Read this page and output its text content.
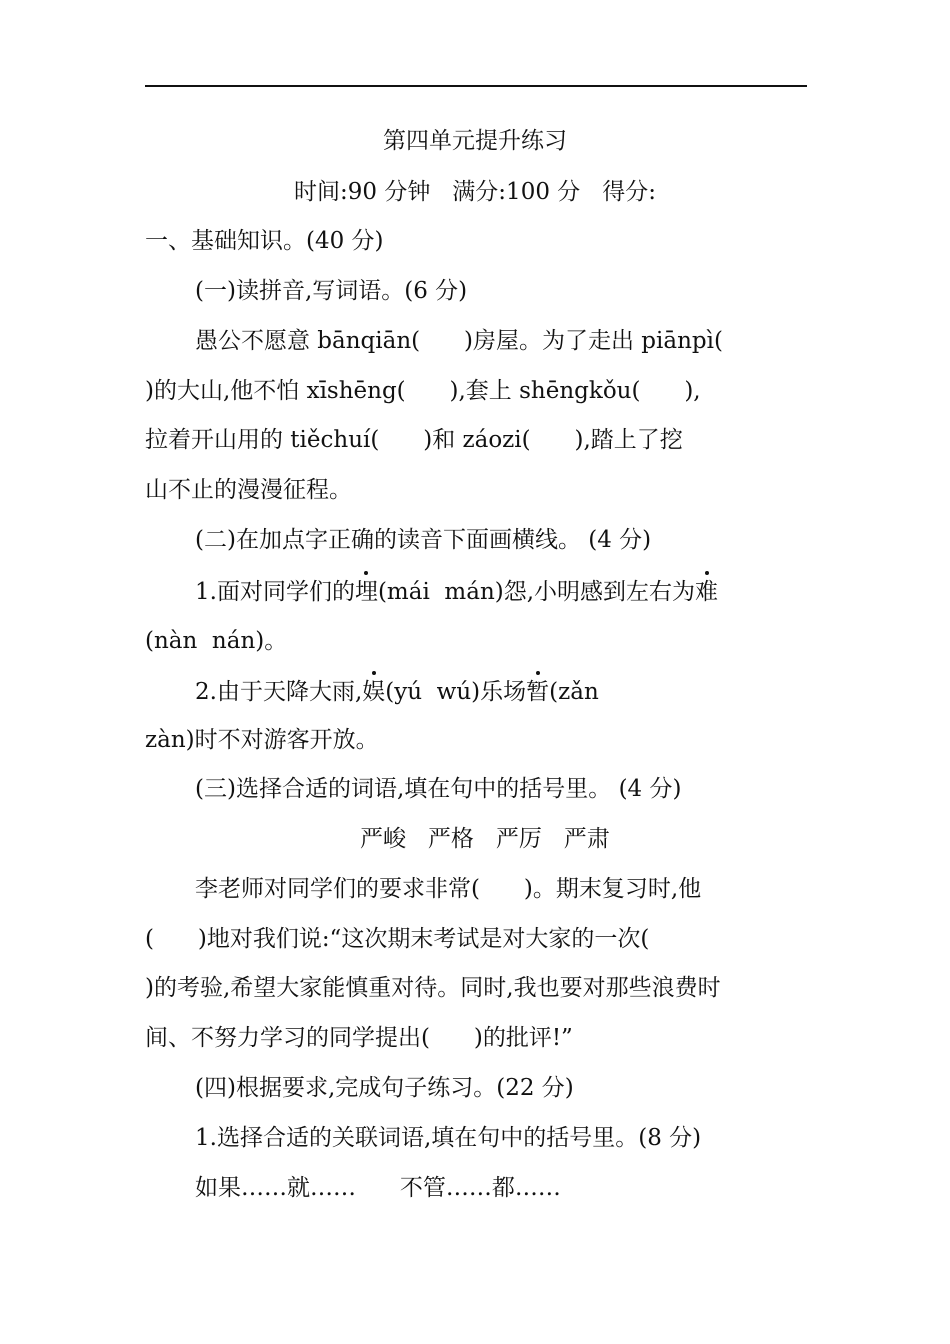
第四单元提升练习
时间:90 分钟   满分:100 分   得分:
一、基础知识。(40 分)
(一)读拼音,写词语。(6 分)
愚公不愿意 bānqiān(      )房屋。为了走出 piānpì(
)的大山,他不怕 xīshēng(      ),套上 shēngkǒu(      ),
拉着开山用的 tiěchuí(      )和 záozi(      ),踏上了挖
山不止的漫漫征程。
(二)在加点字正确的读音下面画横线。 (4 分)
1.面对同学们的埋(mái  mán)怨,小明感到左右为难
(nàn  nán)。
2.由于天降大雨,娱(yú  wú)乐场暂(zǎn
zàn)时不对游客开放。
(三)选择合适的词语,填在句中的括号里。 (4 分)
严峻   严格   严厉   严肃
李老师对同学们的要求非常(      )。期末复习时,他
(      )地对我们说:“这次期末考试是对大家的一次(
)的考验,希望大家能慎重对待。同时,我也要对那些浪费时
间、不努力学习的同学提出(      )的批评!”
(四)根据要求,完成句子练习。(22 分)
1.选择合适的关联词语,填在句中的括号里。(8 分)
如果……就……      不管……都……
